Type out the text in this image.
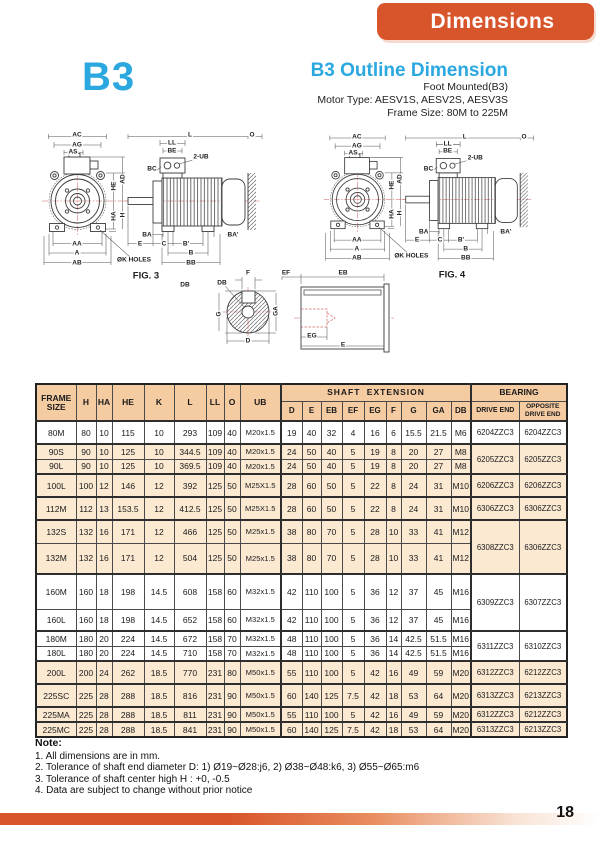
Dimensions
B3	B3 Outline Dimension
Foot Mounted(B3)
Motor Type: AESV1S, AESV2S, AESV3S
Frame Size: 80M to 225M
AC
AG
AS
HE
AD
HA H
AA
A
AB	ØK HOLES
L	O
LL
BE
2-UB
BC
BA	BA'
E	C	B'
B
BB
AC
AG
AS
HE
AD
HA H
AA
A
AB	ØK HOLES
L	O
LL
BE
2-UB
BC
BA	BA'
E	C B'
B
BB
FIG. 3
DB	DB
F
G	GA
D
EF	EB
EG
E
FIG. 4
FRAME SIZE	H	HA	HE	K	L	LL	O	UB	SHAFT EXTENSION									BEARING	
									D	E	EB	EF	EG	F	G	GA	DB	DRIVE END	OPPOSITE DRIVE END
80M	80	10	115	10	293	109	40	M20x1.5	19	40	32	4	16	6	15.5	21.5	M6	6204ZZC3	6204ZZC3
90S	90	10	125	10	344.5	109	40	M20x1.5	24	50	40	5	19	8	20	27	M8	6205ZZC3	6205ZZC3
90L	90	10	125	10	369.5	109	40	M20x1.5	24	50	40	5	19	8	20	27	M8		
100L	100	12	146	12	392	125	50	M25X1.5	28	60	50	5	22	8	24	31	M10	6206ZZC3	6206ZZC3
112M	112	13	153.5	12	412.5	125	50	M25X1.5	28	60	50	5	22	8	24	31	M10	6306ZZC3	6306ZZC3
132S	132	16	171	12	466	125	50	M25x1.5	38	80	70	5	28	10	33	41	M12	6308ZZC3	6306ZZC3
132M	132	16	171	12	504	125	50	M25x1.5	38	80	70	5	28	10	33	41	M12		
160M	160	18	198	14.5	608	158	60	M32x1.5	42	110	100	5	36	12	37	45	M16	6309ZZC3	6307ZZC3
160L	160	18	198	14.5	652	158	60	M32x1.5	42	110	100	5	36	12	37	45	M16		
180M	180	20	224	14.5	672	158	70	M32x1.5	48	110	100	5	36	14	42.5	51.5	M16	6311ZZC3	6310ZZC3
180L	180	20	224	14.5	710	158	70	M32x1.5	48	110	100	5	36	14	42.5	51.5	M16		
200L	200	24	262	18.5	770	231	80	M50x1.5	55	110	100	5	42	16	49	59	M20	6312ZZC3	6212ZZC3
225SC	225	28	288	18.5	816	231	90	M50x1.5	60	140	125	7.5	42	18	53	64	M20	6313ZZC3	6213ZZC3
225MA	225	28	288	18.5	811	231	90	M50x1.5	55	110	100	5	42	16	49	59	M20	6312ZZC3	6212ZZC3
225MC	225	28	288	18.5	841	231	90	M50x1.5	60	140	125	7.5	42	18	53	64	M20	6313ZZC3	6213ZZC3
Note:
1. All dimensions are in mm.
2. Tolerance of shaft end diameter D: 1) Ø19~Ø28:j6, 2) Ø38~Ø48:k6, 3) Ø55~Ø65:m6
3. Tolerance of shaft center high H : +0, -0.5
4. Data are subject to change without prior notice
18
